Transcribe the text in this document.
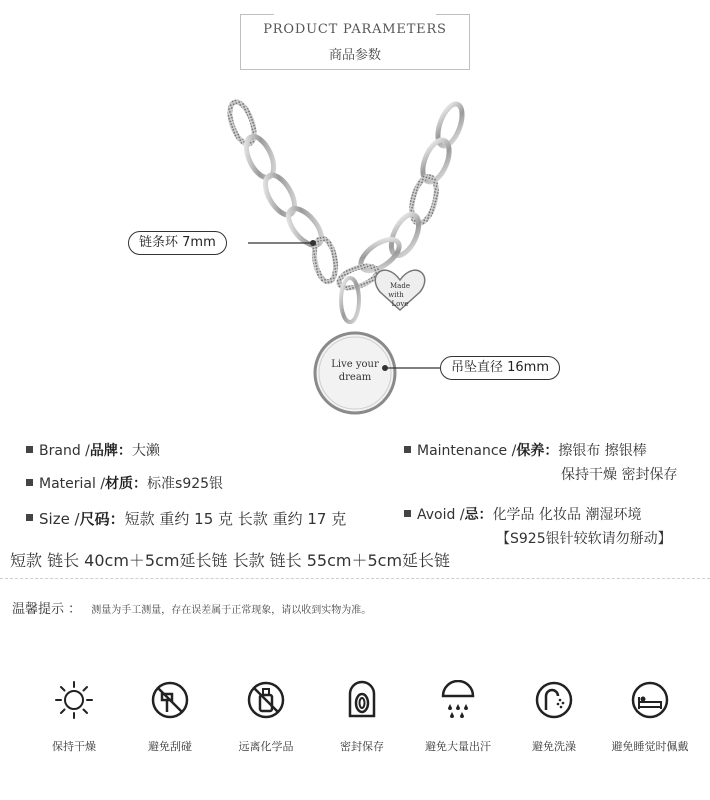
PRODUCT PARAMETERS
商品参数
Made
with
Love
Live your
dream
链条环 7mm
吊坠直径 16mm
Brand /品牌：大濑
Material /材质：标准s925银
Size /尺码：短款 重约 15 克 长款 重约 17 克
短款 链长 40cm＋5cm延长链 长款 链长 55cm＋5cm延长链
Maintenance /保养：擦银布 擦银棒
保持干燥 密封保存
Avoid /忌：化学品 化妆品 潮湿环境
【S925银针较软请勿掰动】
温馨提示 ： 测量为手工测量，存在误差属于正常现象，请以收到实物为准。
保持干燥	避免刮碰	远离化学品	密封保存	避免大量出汗	避免洗澡	避免睡觉时佩戴
